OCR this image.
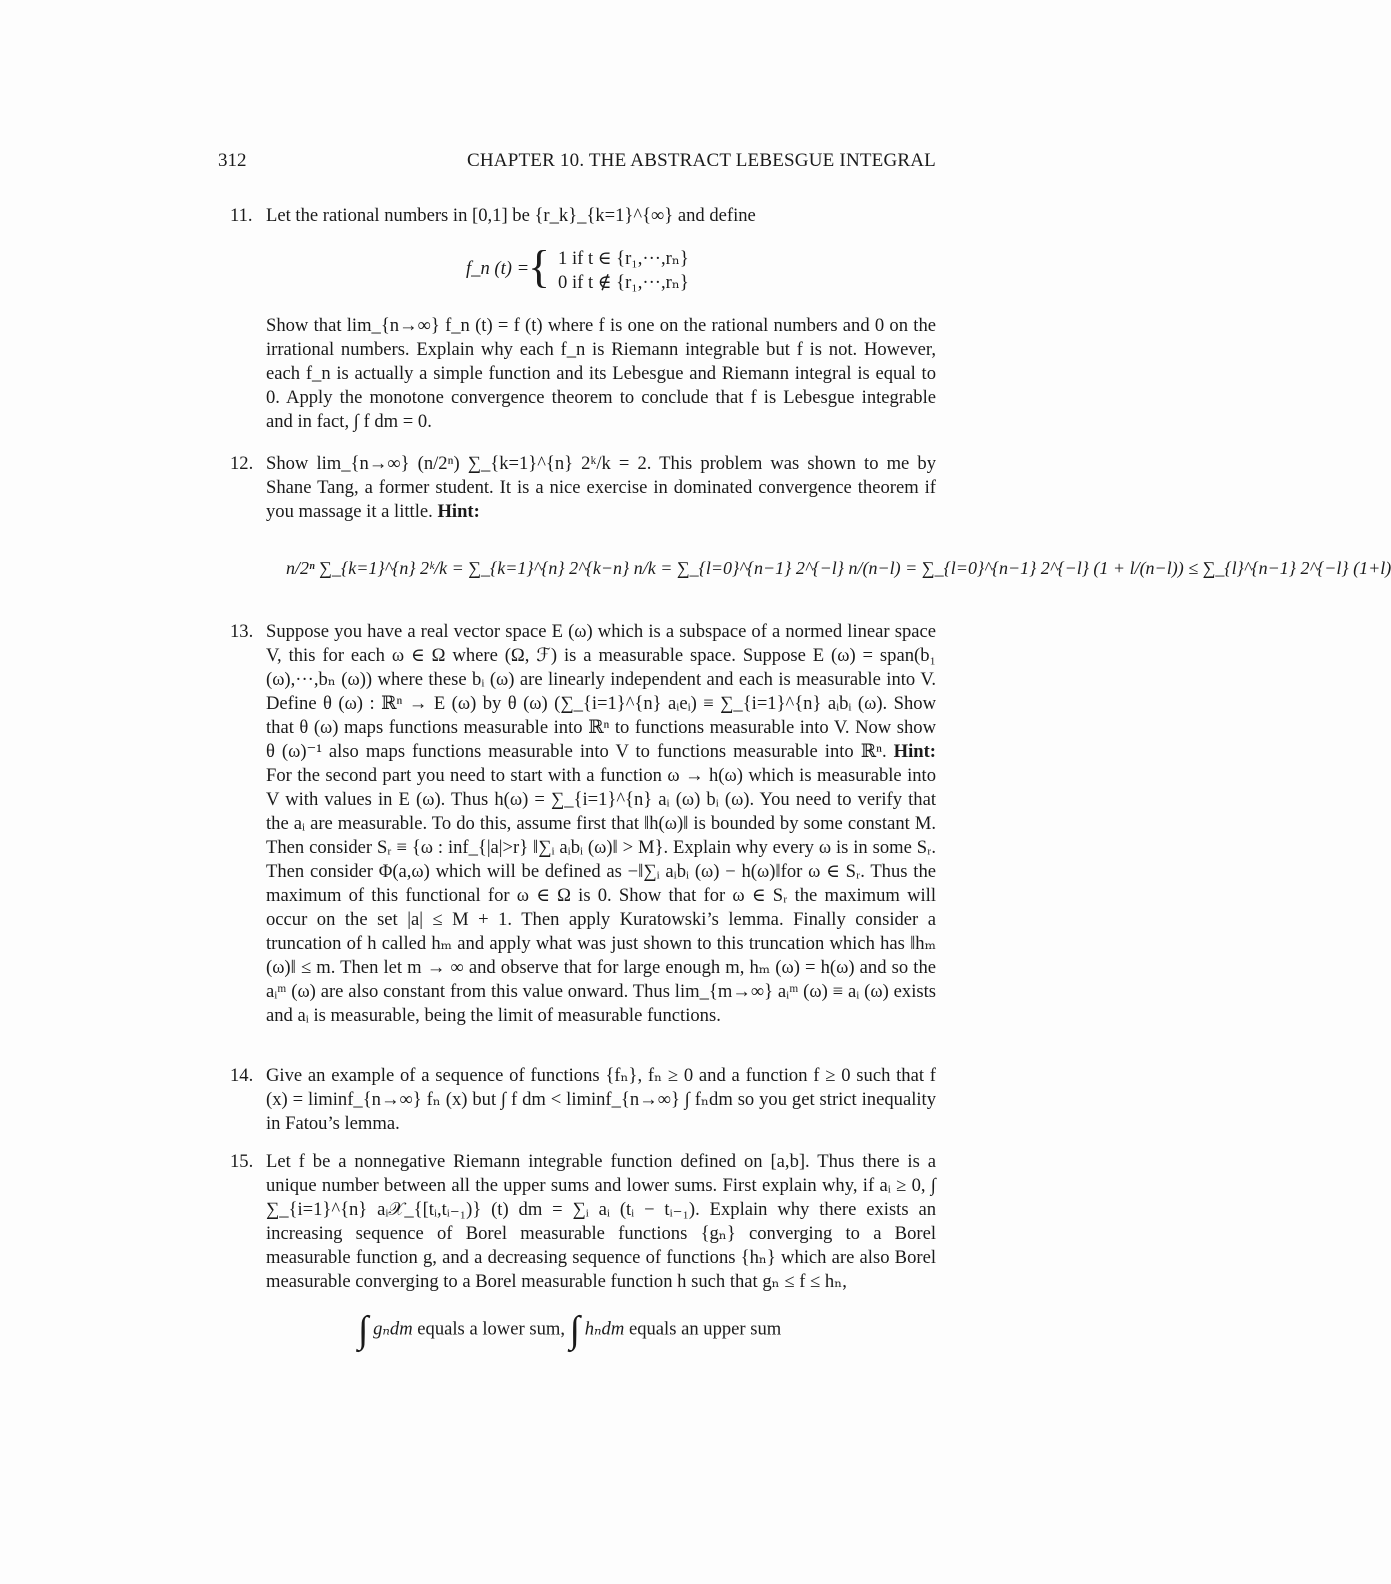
312	CHAPTER 10. THE ABSTRACT LEBESGUE INTEGRAL
11. Let the rational numbers in [0,1] be {r_k}_{k=1}^{∞} and define
f_n (t) =
{ 1 if t ∈ {r₁,···,rₙ}
0 if t ∉ {r₁,···,rₙ}
Show that lim_{n→∞} f_n (t) = f (t) where f is one on the rational numbers and 0 on the irrational numbers. Explain why each f_n is Riemann integrable but f is not. However, each f_n is actually a simple function and its Lebesgue and Riemann integral is equal to 0. Apply the monotone convergence theorem to conclude that f is Lebesgue integrable and in fact, ∫ f dm = 0.
12. Show lim_{n→∞} (n/2ⁿ) ∑_{k=1}^{n} 2ᵏ/k = 2. This problem was shown to me by Shane Tang, a former student. It is a nice exercise in dominated convergence theorem if you massage it a little. Hint:
n/2ⁿ ∑_{k=1}^{n} 2ᵏ/k = ∑_{k=1}^{n} 2^{k−n} n/k = ∑_{l=0}^{n−1} 2^{−l} n/(n−l) = ∑_{l=0}^{n−1} 2^{−l} (1 + l/(n−l)) ≤ ∑_{l}^{n−1} 2^{−l} (1+l)
13. Suppose you have a real vector space E (ω) which is a subspace of a normed linear space V, this for each ω ∈ Ω where (Ω, ℱ) is a measurable space. Suppose E (ω) = span(b₁ (ω),···,bₙ (ω)) where these bᵢ (ω) are linearly independent and each is measurable into V. Define θ (ω) : ℝⁿ → E (ω) by θ (ω) (∑_{i=1}^{n} aᵢeᵢ) ≡ ∑_{i=1}^{n} aᵢbᵢ (ω). Show that θ (ω) maps functions measurable into ℝⁿ to functions measurable into V. Now show θ (ω)⁻¹ also maps functions measurable into V to functions measurable into ℝⁿ. Hint: For the second part you need to start with a function ω → h(ω) which is measurable into V with values in E (ω). Thus h(ω) = ∑_{i=1}^{n} aᵢ (ω) bᵢ (ω). You need to verify that the aᵢ are measurable. To do this, assume first that ‖h(ω)‖ is bounded by some constant M. Then consider Sᵣ ≡ {ω : inf_{|a|>r} ‖∑ᵢ aᵢbᵢ (ω)‖ > M}. Explain why every ω is in some Sᵣ. Then consider Φ(a,ω) which will be defined as −‖∑ᵢ aᵢbᵢ (ω) − h(ω)‖for ω ∈ Sᵣ. Thus the maximum of this functional for ω ∈ Ω is 0. Show that for ω ∈ Sᵣ the maximum will occur on the set |a| ≤ M + 1. Then apply Kuratowski’s lemma. Finally consider a truncation of h called hₘ and apply what was just shown to this truncation which has ‖hₘ (ω)‖ ≤ m. Then let m → ∞ and observe that for large enough m, hₘ (ω) = h(ω) and so the aᵢᵐ (ω) are also constant from this value onward. Thus lim_{m→∞} aᵢᵐ (ω) ≡ aᵢ (ω) exists and aᵢ is measurable, being the limit of measurable functions.
14. Give an example of a sequence of functions {fₙ}, fₙ ≥ 0 and a function f ≥ 0 such that f (x) = liminf_{n→∞} fₙ (x) but ∫ f dm < liminf_{n→∞} ∫ fₙdm so you get strict inequality in Fatou’s lemma.
15. Let f be a nonnegative Riemann integrable function defined on [a,b]. Thus there is a unique number between all the upper sums and lower sums. First explain why, if aᵢ ≥ 0, ∫ ∑_{i=1}^{n} aᵢ𝒳_{[tᵢ,tᵢ₋₁)} (t) dm = ∑ᵢ aᵢ (tᵢ − tᵢ₋₁). Explain why there exists an increasing sequence of Borel measurable functions {gₙ} converging to a Borel measurable function g, and a decreasing sequence of functions {hₙ} which are also Borel measurable converging to a Borel measurable function h such that gₙ ≤ f ≤ hₙ,
∫ gₙdm equals a lower sum, ∫ hₙdm equals an upper sum
